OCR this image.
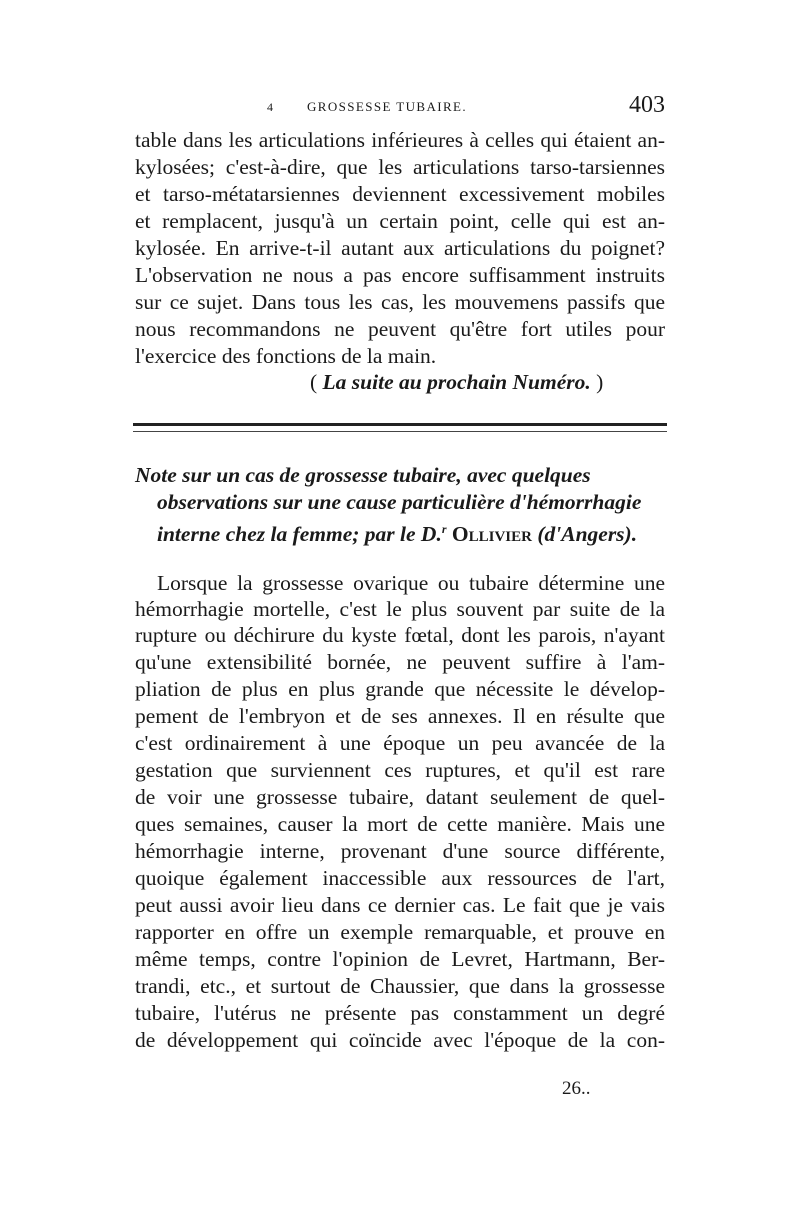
4	GROSSESSE TUBAIRE.	403
table dans les articulations inférieures à celles qui étaient an-
kylosées; c'est-à-dire, que les articulations tarso-tarsiennes
et tarso-métatarsiennes deviennent excessivement mobiles
et remplacent, jusqu'à un certain point, celle qui est an-
kylosée. En arrive-t-il autant aux articulations du poignet?
L'observation ne nous a pas encore suffisamment instruits
sur ce sujet. Dans tous les cas, les mouvemens passifs que
nous recommandons ne peuvent qu'être fort utiles pour
l'exercice des fonctions de la main.
( La suite au prochain Numéro. )
Note sur un cas de grossesse tubaire, avec quelques
observations sur une cause particulière d'hémorrhagie
interne chez la femme; par le D.$^r$ Ollivier (d'Angers).
Lorsque la grossesse ovarique ou tubaire détermine une
hémorrhagie mortelle, c'est le plus souvent par suite de la
rupture ou déchirure du kyste fœtal, dont les parois, n'ayant
qu'une extensibilité bornée, ne peuvent suffire à l'am-
pliation de plus en plus grande que nécessite le dévelop-
pement de l'embryon et de ses annexes. Il en résulte que
c'est ordinairement à une époque un peu avancée de la
gestation que surviennent ces ruptures, et qu'il est rare
de voir une grossesse tubaire, datant seulement de quel-
ques semaines, causer la mort de cette manière. Mais une
hémorrhagie interne, provenant d'une source différente,
quoique également inaccessible aux ressources de l'art,
peut aussi avoir lieu dans ce dernier cas. Le fait que je vais
rapporter en offre un exemple remarquable, et prouve en
même temps, contre l'opinion de Levret, Hartmann, Ber-
trandi, etc., et surtout de Chaussier, que dans la grossesse
tubaire, l'utérus ne présente pas constamment un degré
de développement qui coïncide avec l'époque de la con-
26..
